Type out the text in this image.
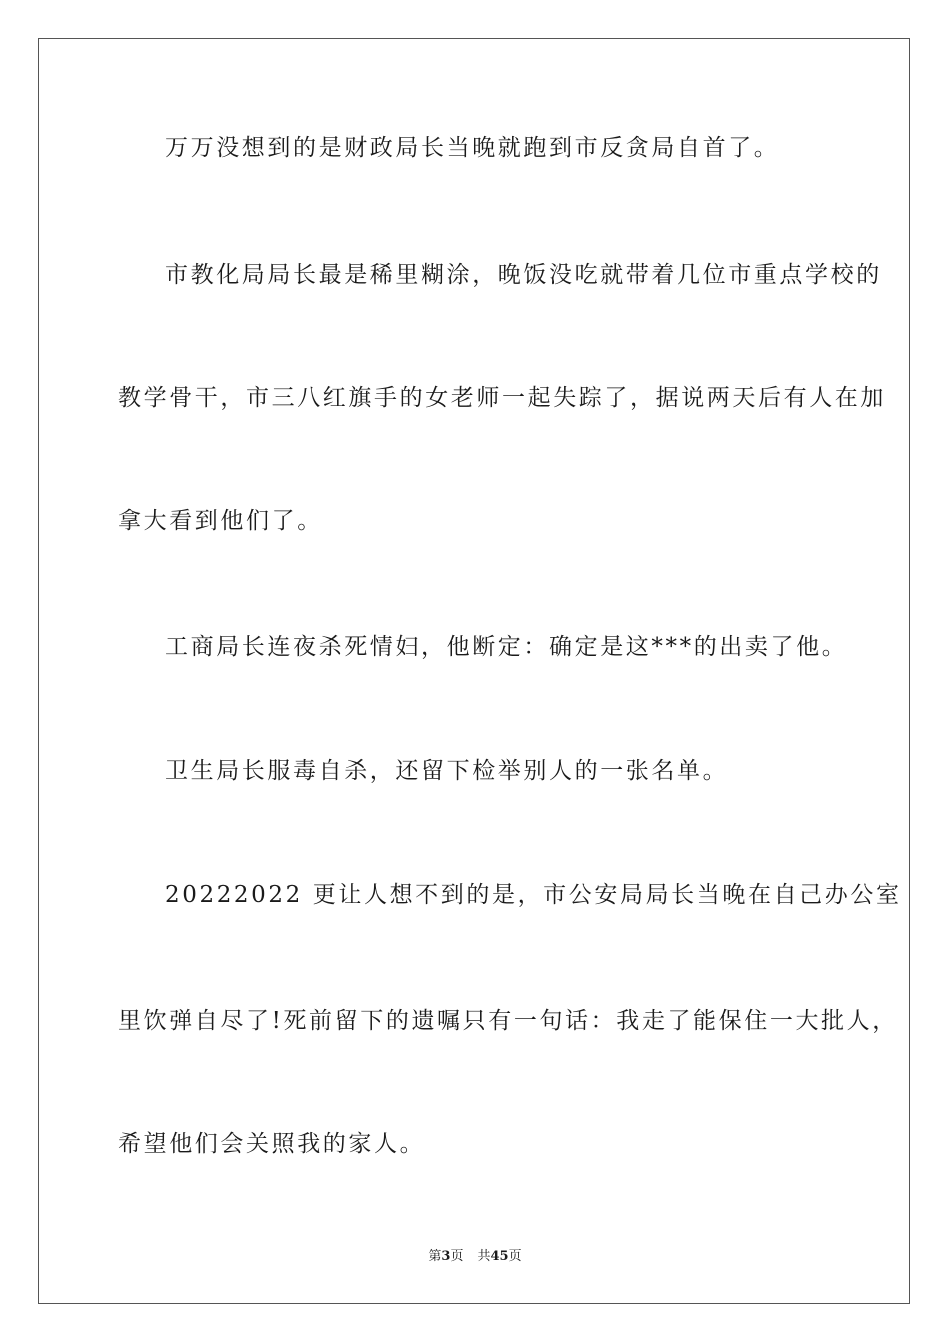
万万没想到的是财政局长当晚就跑到市反贪局自首了。
市教化局局长最是稀里糊涂，晚饭没吃就带着几位市重点学校的
教学骨干，市三八红旗手的女老师一起失踪了，据说两天后有人在加
拿大看到他们了。
工商局长连夜杀死情妇，他断定：确定是这***的出卖了他。
卫生局长服毒自杀，还留下检举别人的一张名单。
20222022 更让人想不到的是，市公安局局长当晚在自己办公室
里饮弹自尽了!死前留下的遗嘱只有一句话：我走了能保住一大批人，
希望他们会关照我的家人。
第3页 共45页
